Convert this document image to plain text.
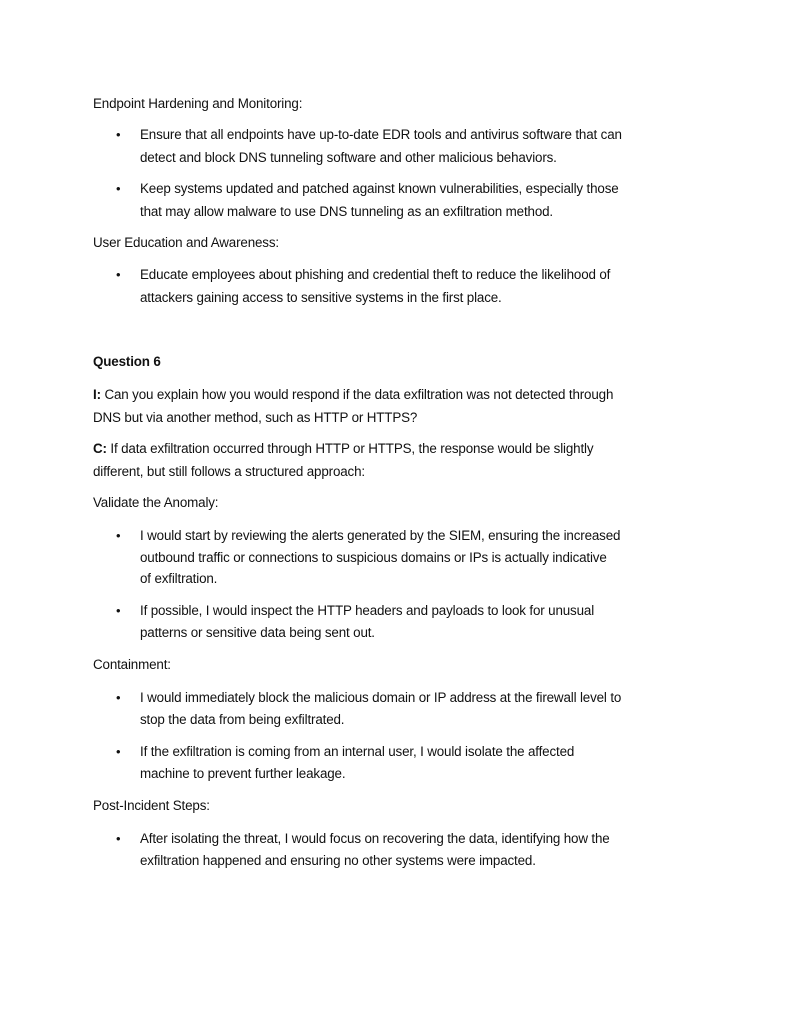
Endpoint Hardening and Monitoring:
• Ensure that all endpoints have up-to-date EDR tools and antivirus software that can
detect and block DNS tunneling software and other malicious behaviors.
• Keep systems updated and patched against known vulnerabilities, especially those
that may allow malware to use DNS tunneling as an exfiltration method.
User Education and Awareness:
• Educate employees about phishing and credential theft to reduce the likelihood of
attackers gaining access to sensitive systems in the first place.
Question 6
I: Can you explain how you would respond if the data exfiltration was not detected through
DNS but via another method, such as HTTP or HTTPS?
C: If data exfiltration occurred through HTTP or HTTPS, the response would be slightly
different, but still follows a structured approach:
Validate the Anomaly:
• I would start by reviewing the alerts generated by the SIEM, ensuring the increased
outbound traffic or connections to suspicious domains or IPs is actually indicative
of exfiltration.
• If possible, I would inspect the HTTP headers and payloads to look for unusual
patterns or sensitive data being sent out.
Containment:
• I would immediately block the malicious domain or IP address at the firewall level to
stop the data from being exfiltrated.
• If the exfiltration is coming from an internal user, I would isolate the affected
machine to prevent further leakage.
Post-Incident Steps:
• After isolating the threat, I would focus on recovering the data, identifying how the
exfiltration happened and ensuring no other systems were impacted.
